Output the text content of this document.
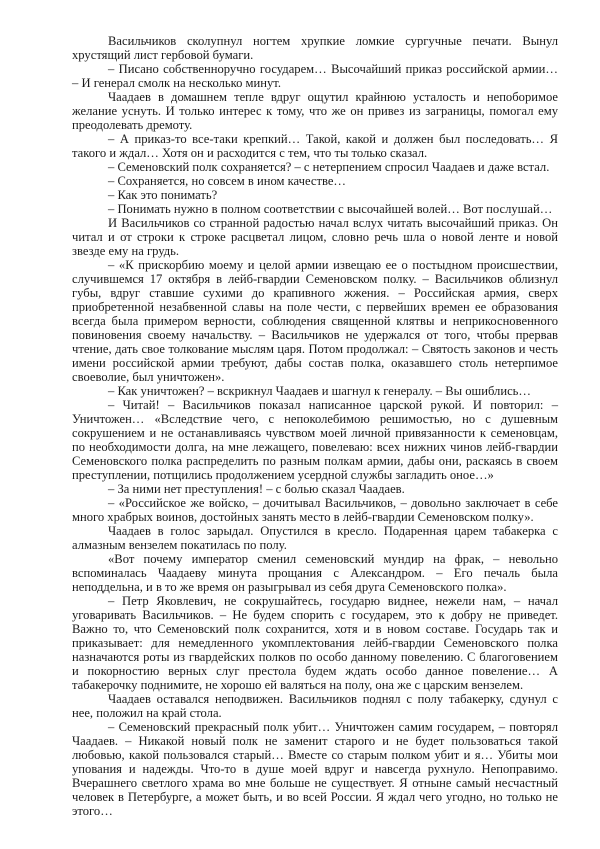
Васильчиков сколупнул ногтем хрупкие ломкие сургучные печати. Вынул хрустящий лист гербовой бумаги.

– Писано собственноручно государем… Высочайший приказ российской армии… – И генерал смолк на несколько минут.

Чаадаев в домашнем тепле вдруг ощутил крайнюю усталость и непоборимое желание уснуть. И только интерес к тому, что же он привез из заграницы, помогал ему преодолевать дремоту.

– А приказ-то все-таки крепкий… Такой, какой и должен был последовать… Я такого и ждал… Хотя он и расходится с тем, что ты только сказал.

– Семеновский полк сохраняется? – с нетерпением спросил Чаадаев и даже встал.

– Сохраняется, но совсем в ином качестве…

– Как это понимать?

– Понимать нужно в полном соответствии с высочайшей волей… Вот послушай…

И Васильчиков со странной радостью начал вслух читать высочайший приказ. Он читал и от строки к строке расцветал лицом, словно речь шла о новой ленте и новой звезде ему на грудь.

– «К прискорбию моему и целой армии извещаю ее о постыдном происшествии, случившемся 17 октября в лейб-гвардии Семеновском полку. – Васильчиков облизнул губы, вдруг ставшие сухими до крапивного жжения. – Российская армия, сверх приобретенной незабвенной славы на поле чести, с первейших времен ее образования всегда была примером верности, соблюдения священной клятвы и неприкосновенного повиновения своему начальству. – Васильчиков не удержался от того, чтобы прервав чтение, дать свое толкование мыслям царя. Потом продолжал: – Святость законов и честь имени российской армии требуют, дабы состав полка, оказавшего столь нетерпимое своеволие, был уничтожен».

– Как уничтожен? – вскрикнул Чаадаев и шагнул к генералу. – Вы ошиблись…

– Читай! – Васильчиков показал написанное царской рукой. И повторил: – Уничтожен… «Вследствие чего, с непоколебимою решимостью, но с душевным сокрушением и не останавливаясь чувством моей личной привязанности к семеновцам, по необходимости долга, на мне лежащего, повелеваю: всех нижних чинов лейб-гвардии Семеновского полка распределить по разным полкам армии, дабы они, раскаясь в своем преступлении, потщились продолжением усердной службы загладить оное…»

– За ними нет преступления! – с болью сказал Чаадаев.

– «Российское же войско, – дочитывал Васильчиков, – довольно заключает в себе много храбрых воинов, достойных занять место в лейб-гвардии Семеновском полку».

Чаадаев в голос зарыдал. Опустился в кресло. Подаренная царем табакерка с алмазным вензелем покатилась по полу.

«Вот почему император сменил семеновский мундир на фрак, – невольно вспоминалась Чаадаеву минута прощания с Александром. – Его печаль была неподдельна, и в то же время он разыгрывал из себя друга Семеновского полка».

– Петр Яковлевич, не сокрушайтесь, государю виднее, нежели нам, – начал уговаривать Васильчиков. – Не будем спорить с государем, это к добру не приведет. Важно то, что Семеновский полк сохранится, хотя и в новом составе. Государь так и приказывает: для немедленного укомплектования лейб-гвардии Семеновского полка назначаются роты из гвардейских полков по особо данному повелению. С благоговением и покорностию верных слуг престола будем ждать особо данное повеление… А табакерочку поднимите, не хорошо ей валяться на полу, она же с царским вензелем.

Чаадаев оставался неподвижен. Васильчиков поднял с полу табакерку, сдунул с нее, положил на край стола.

– Семеновский прекрасный полк убит… Уничтожен самим государем, – повторял Чаадаев. – Никакой новый полк не заменит старого и не будет пользоваться такой любовью, какой пользовался старый… Вместе со старым полком убит и я… Убиты мои упования и надежды. Что-то в душе моей вдруг и навсегда рухнуло. Непоправимо. Вчерашнего светлого храма во мне больше не существует. Я отныне самый несчастный человек в Петербурге, а может быть, и во всей России. Я ждал чего угодно, но только не этого…
